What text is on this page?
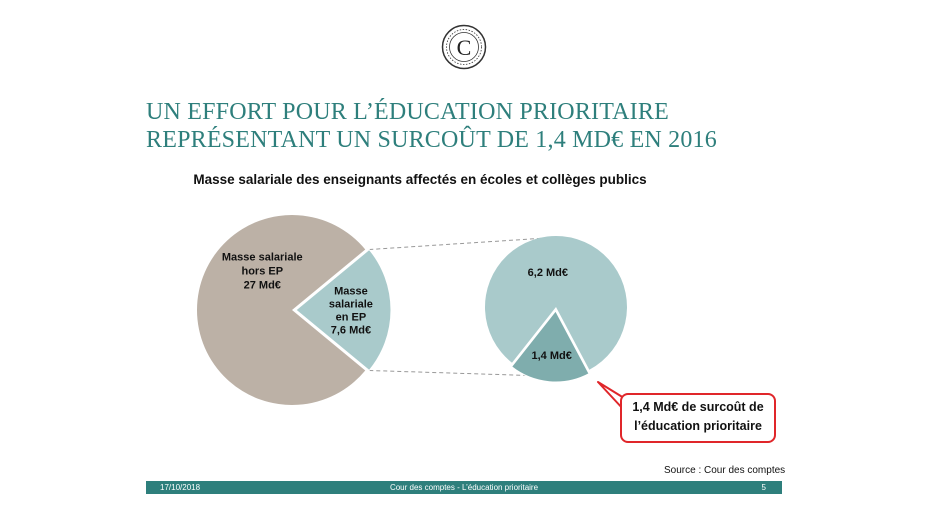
C
UN EFFORT POUR L’ÉDUCATION PRIORITAIRE
REPRÉSENTANT UN SURCOÛT DE 1,4 MD€ EN 2016
Masse salariale des enseignants affectés en écoles et collèges publics
Masse salariale hors EP 27 Md€	Masse salariale en EP 7,6 Md€
6,2 Md€
1,4 Md€
1,4 Md€ de surcoût de
l’éducation prioritaire
Source : Cour des comptes
17/10/2018	Cour des comptes - L’éducation prioritaire	5
